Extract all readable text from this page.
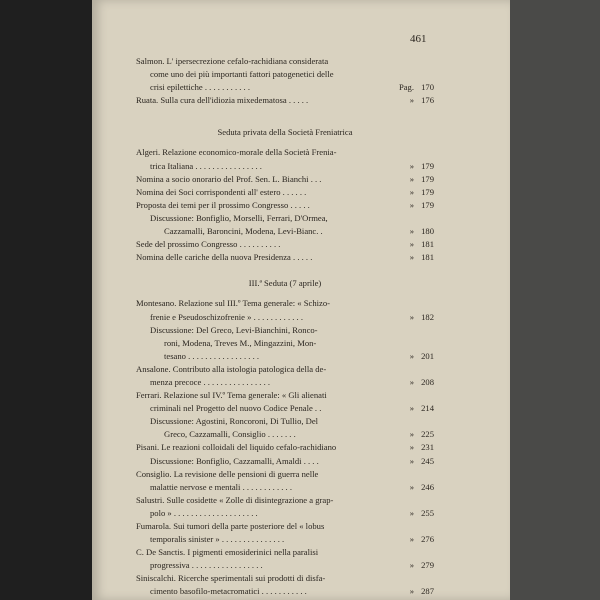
461
Salmon. L' ipersecrezione cefalo-rachidiana considerata
come uno dei più importanti fattori patogenetici delle
crisi epilettiche . . . . . . . . . . .	Pag. 170
Ruata. Sulla cura dell'idiozia mixedematosa . . . . .	» 176
Seduta privata della Società Freniatrica
Algeri. Relazione economico-morale della Società Frenia-
trica Italiana . . . . . . . . . . . . . . . .	» 179
Nomina a socio onorario del Prof. Sen. L. Bianchi . . .	» 179
Nomina dei Soci corrispondenti all' estero . . . . . .	» 179
Proposta dei temi per il prossimo Congresso . . . . .	» 179
Discussione: Bonfiglio, Morselli, Ferrari, D'Ormea,
Cazzamalli, Baroncini, Modena, Levi-Bianc. .	» 180
Sede del prossimo Congresso . . . . . . . . . .	» 181
Nomina delle cariche della nuova Presidenza . . . . .	» 181
III.ª Seduta (7 aprile)
Montesano. Relazione sul III.º Tema generale: « Schizo-
frenie e Pseudoschizofrenie » . . . . . . . . . . . .	» 182
Discussione: Del Greco, Levi-Bianchini, Ronco-
roni, Modena, Treves M., Mingazzini, Mon-
tesano . . . . . . . . . . . . . . . . .	» 201
Ansalone. Contributo alla istologia patologica della de-
menza precoce . . . . . . . . . . . . . . . .	» 208
Ferrari. Relazione sul IV.º Tema generale: « Gli alienati
criminali nel Progetto del nuovo Codice Penale . .	» 214
Discussione: Agostini, Roncoroni, Di Tullio, Del
Greco, Cazzamalli, Consiglio . . . . . . .	» 225
Pisani. Le reazioni colloidali del liquido cefalo-rachidiano	» 231
Discussione: Bonfiglio, Cazzamalli, Amaldi . . . .	» 245
Consiglio. La revisione delle pensioni di guerra nelle
malattie nervose e mentali . . . . . . . . . . . .	» 246
Salustri. Sulle cosidette « Zolle di disintegrazione a grap-
polo » . . . . . . . . . . . . . . . . . . . .	» 255
Fumarola. Sui tumori della parte posteriore del « lobus
temporalis sinister » . . . . . . . . . . . . . . .	» 276
C. De Sanctis. I pigmenti emosiderinici nella paralisi
progressiva . . . . . . . . . . . . . . . . .	» 279
Siniscalchi. Ricerche sperimentali sui prodotti di disfa-
cimento basofilo-metacromatici . . . . . . . . . . .	» 287
